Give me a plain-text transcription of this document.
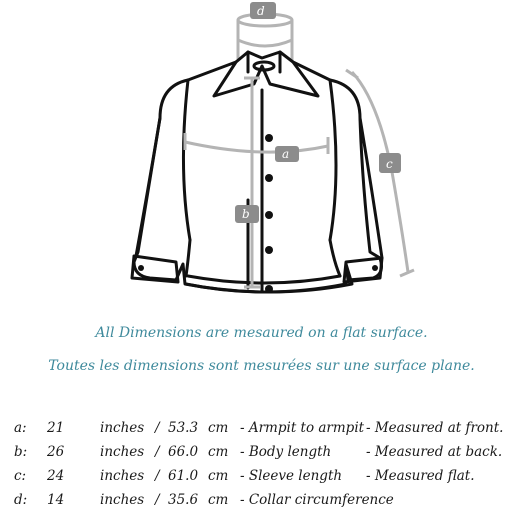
d
a
b
c
All Dimensions are mesaured on a flat surface.
Toutes les dimensions sont mesurées sur une surface plane.
a: 21	inches / 53.3 cm - Armpit to armpit - Measured at front.
b: 26	inches / 66.0 cm - Body length	- Measured at back.
c: 24	inches / 61.0 cm - Sleeve length - Measured flat.
d: 14	inches / 35.6 cm - Collar circumference
